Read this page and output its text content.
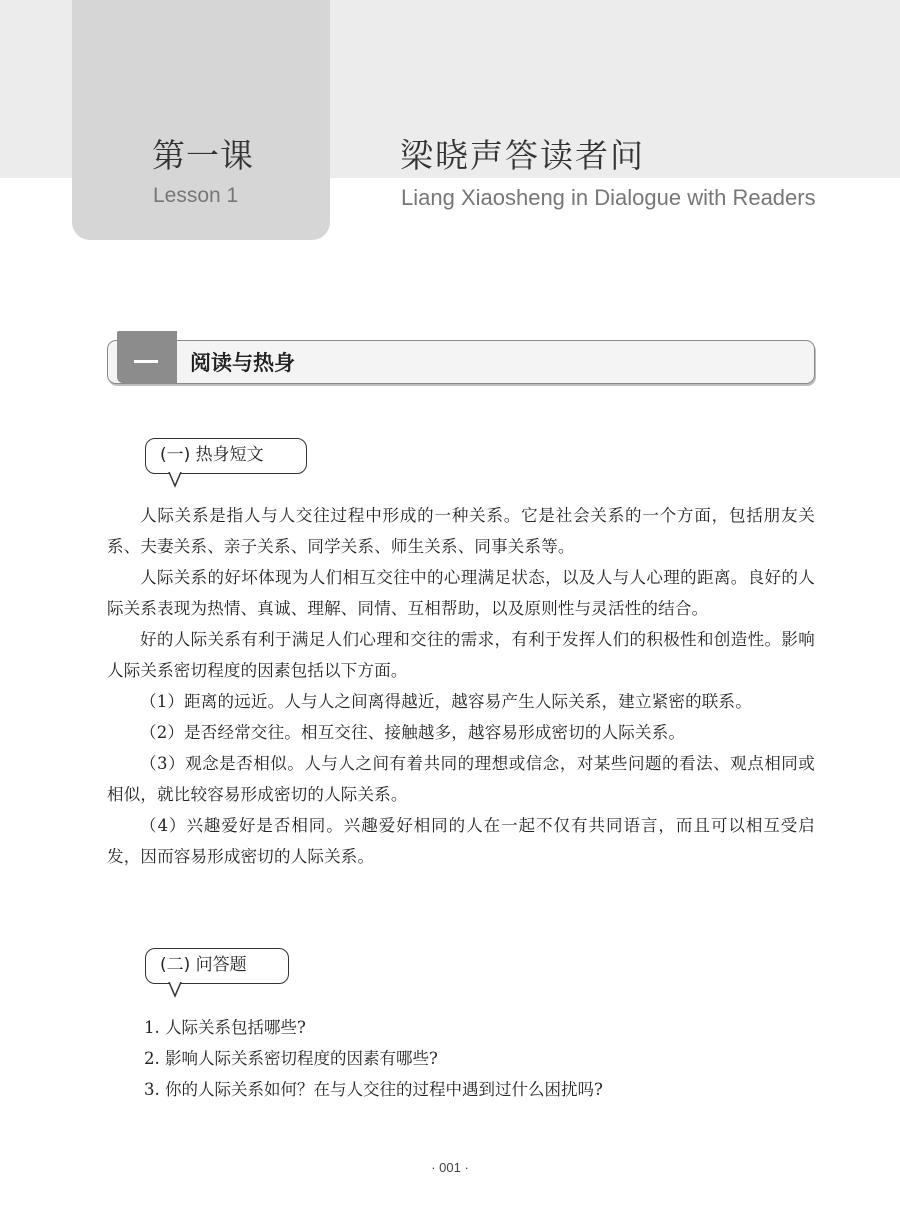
第一课
Lesson 1
梁晓声答读者问
Liang Xiaosheng in Dialogue with Readers
阅读与热身
(一) 热身短文

人际关系是指人与人交往过程中形成的一种关系。它是社会关系的一个方面，包括朋友关系、夫妻关系、亲子关系、同学关系、师生关系、同事关系等。

人际关系的好坏体现为人们相互交往中的心理满足状态，以及人与人心理的距离。良好的人际关系表现为热情、真诚、理解、同情、互相帮助，以及原则性与灵活性的结合。

好的人际关系有利于满足人们心理和交往的需求，有利于发挥人们的积极性和创造性。影响人际关系密切程度的因素包括以下方面。

（1）距离的远近。人与人之间离得越近，越容易产生人际关系，建立紧密的联系。

（2）是否经常交往。相互交往、接触越多，越容易形成密切的人际关系。

（3）观念是否相似。人与人之间有着共同的理想或信念，对某些问题的看法、观点相同或相似，就比较容易形成密切的人际关系。

（4）兴趣爱好是否相同。兴趣爱好相同的人在一起不仅有共同语言，而且可以相互受启发，因而容易形成密切的人际关系。

(二) 问答题
1. 人际关系包括哪些?
2. 影响人际关系密切程度的因素有哪些?
3. 你的人际关系如何？在与人交往的过程中遇到过什么困扰吗?
· 001 ·
